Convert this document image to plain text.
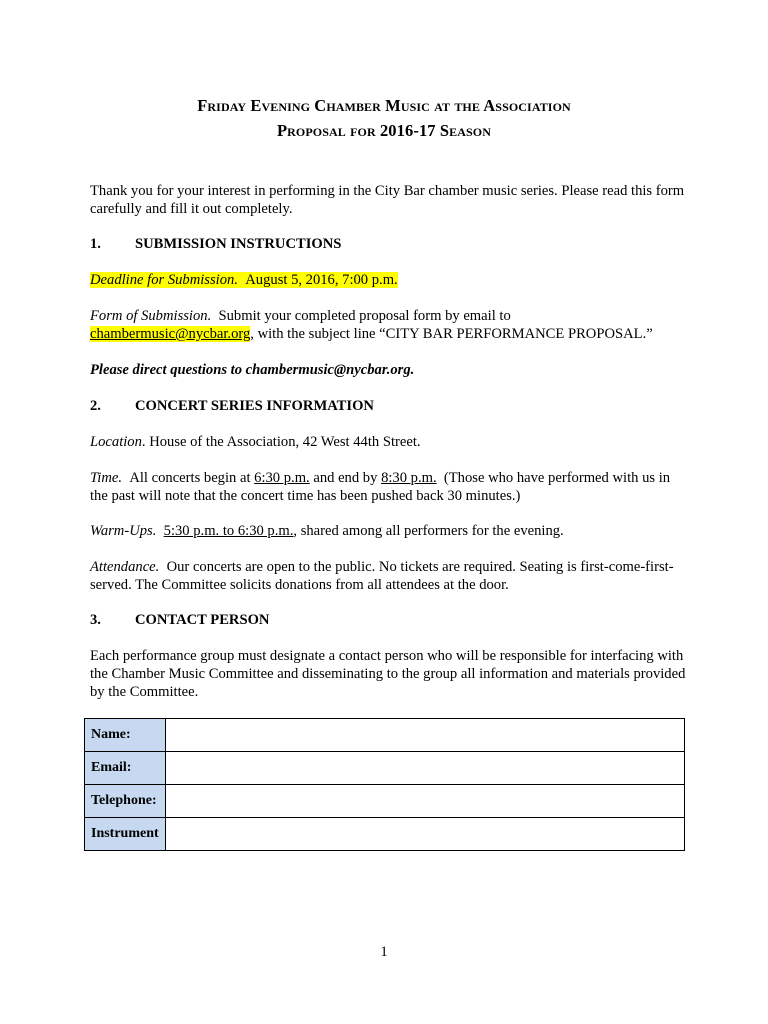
Friday Evening Chamber Music at the Association
Proposal for 2016-17 Season
Thank you for your interest in performing in the City Bar chamber music series. Please read this form carefully and fill it out completely.
1. SUBMISSION INSTRUCTIONS
Deadline for Submission. August 5, 2016, 7:00 p.m.
Form of Submission. Submit your completed proposal form by email to
chambermusic@nycbar.org, with the subject line “CITY BAR PERFORMANCE PROPOSAL.”
Please direct questions to chambermusic@nycbar.org.
2. CONCERT SERIES INFORMATION
Location. House of the Association, 42 West 44th Street.
Time. All concerts begin at 6:30 p.m. and end by 8:30 p.m. (Those who have performed with us in the past will note that the concert time has been pushed back 30 minutes.)
Warm-Ups. 5:30 p.m. to 6:30 p.m., shared among all performers for the evening.
Attendance. Our concerts are open to the public. No tickets are required. Seating is first-come-first-served. The Committee solicits donations from all attendees at the door.
3. CONTACT PERSON
Each performance group must designate a contact person who will be responsible for interfacing with the Chamber Music Committee and disseminating to the group all information and materials provided by the Committee.
Name:	
Email:	
Telephone:	
Instrument	
1
